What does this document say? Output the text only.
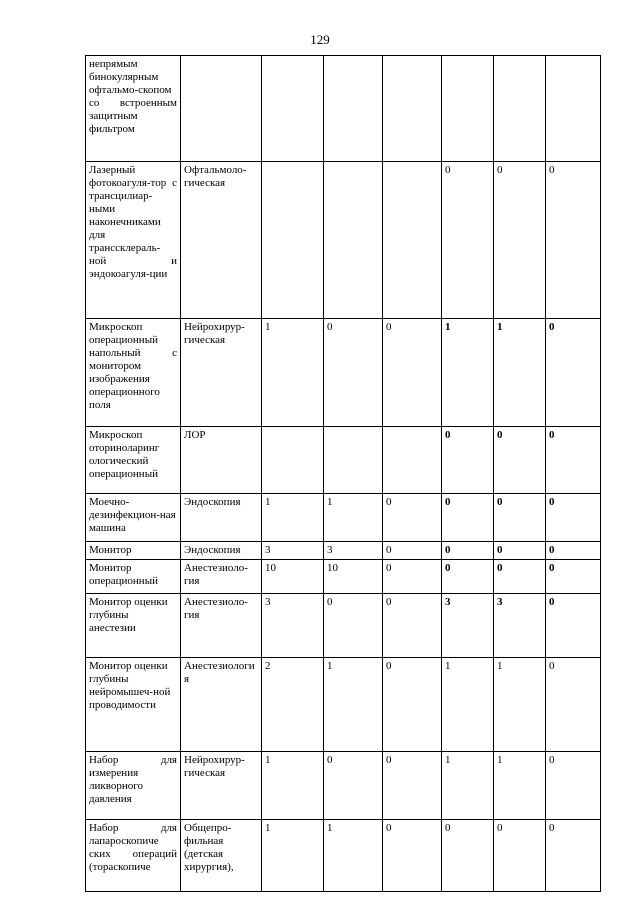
129
непрямым бинокулярным офтальмо-скопом со встроенным защитным фильтром							
Лазерный фотокоагуля-тор с трансцилиар-ными наконечниками для транссклераль-ной и эндокоагуля-ции	Офтальмоло-гическая				0	0	0
Микроскоп операционный напольный с монитором изображения операционного поля	Нейрохирур-гическая	1	0	0	1	1	0
Микроскоп оториноларинг ологический операционный	ЛОР				0	0	0
Моечно-дезинфекцион-ная машина	Эндоскопия	1	1	0	0	0	0
Монитор	Эндоскопия	3	3	0	0	0	0
Монитор операционный	Анестезиоло-гия	10	10	0	0	0	0
Монитор оценки глубины анестезии	Анестезиоло-гия	3	0	0	3	3	0
Монитор оценки глубины нейромышеч-ной проводимости	Анестезиология	2	1	0	1	1	0
Набор для измерения ликворного давления	Нейрохирур-гическая	1	0	0	1	1	0
Набор для лапароскопиче ских операций (тораскопиче	Общепро-фильная (детская хирургия),	1	1	0	0	0	0
